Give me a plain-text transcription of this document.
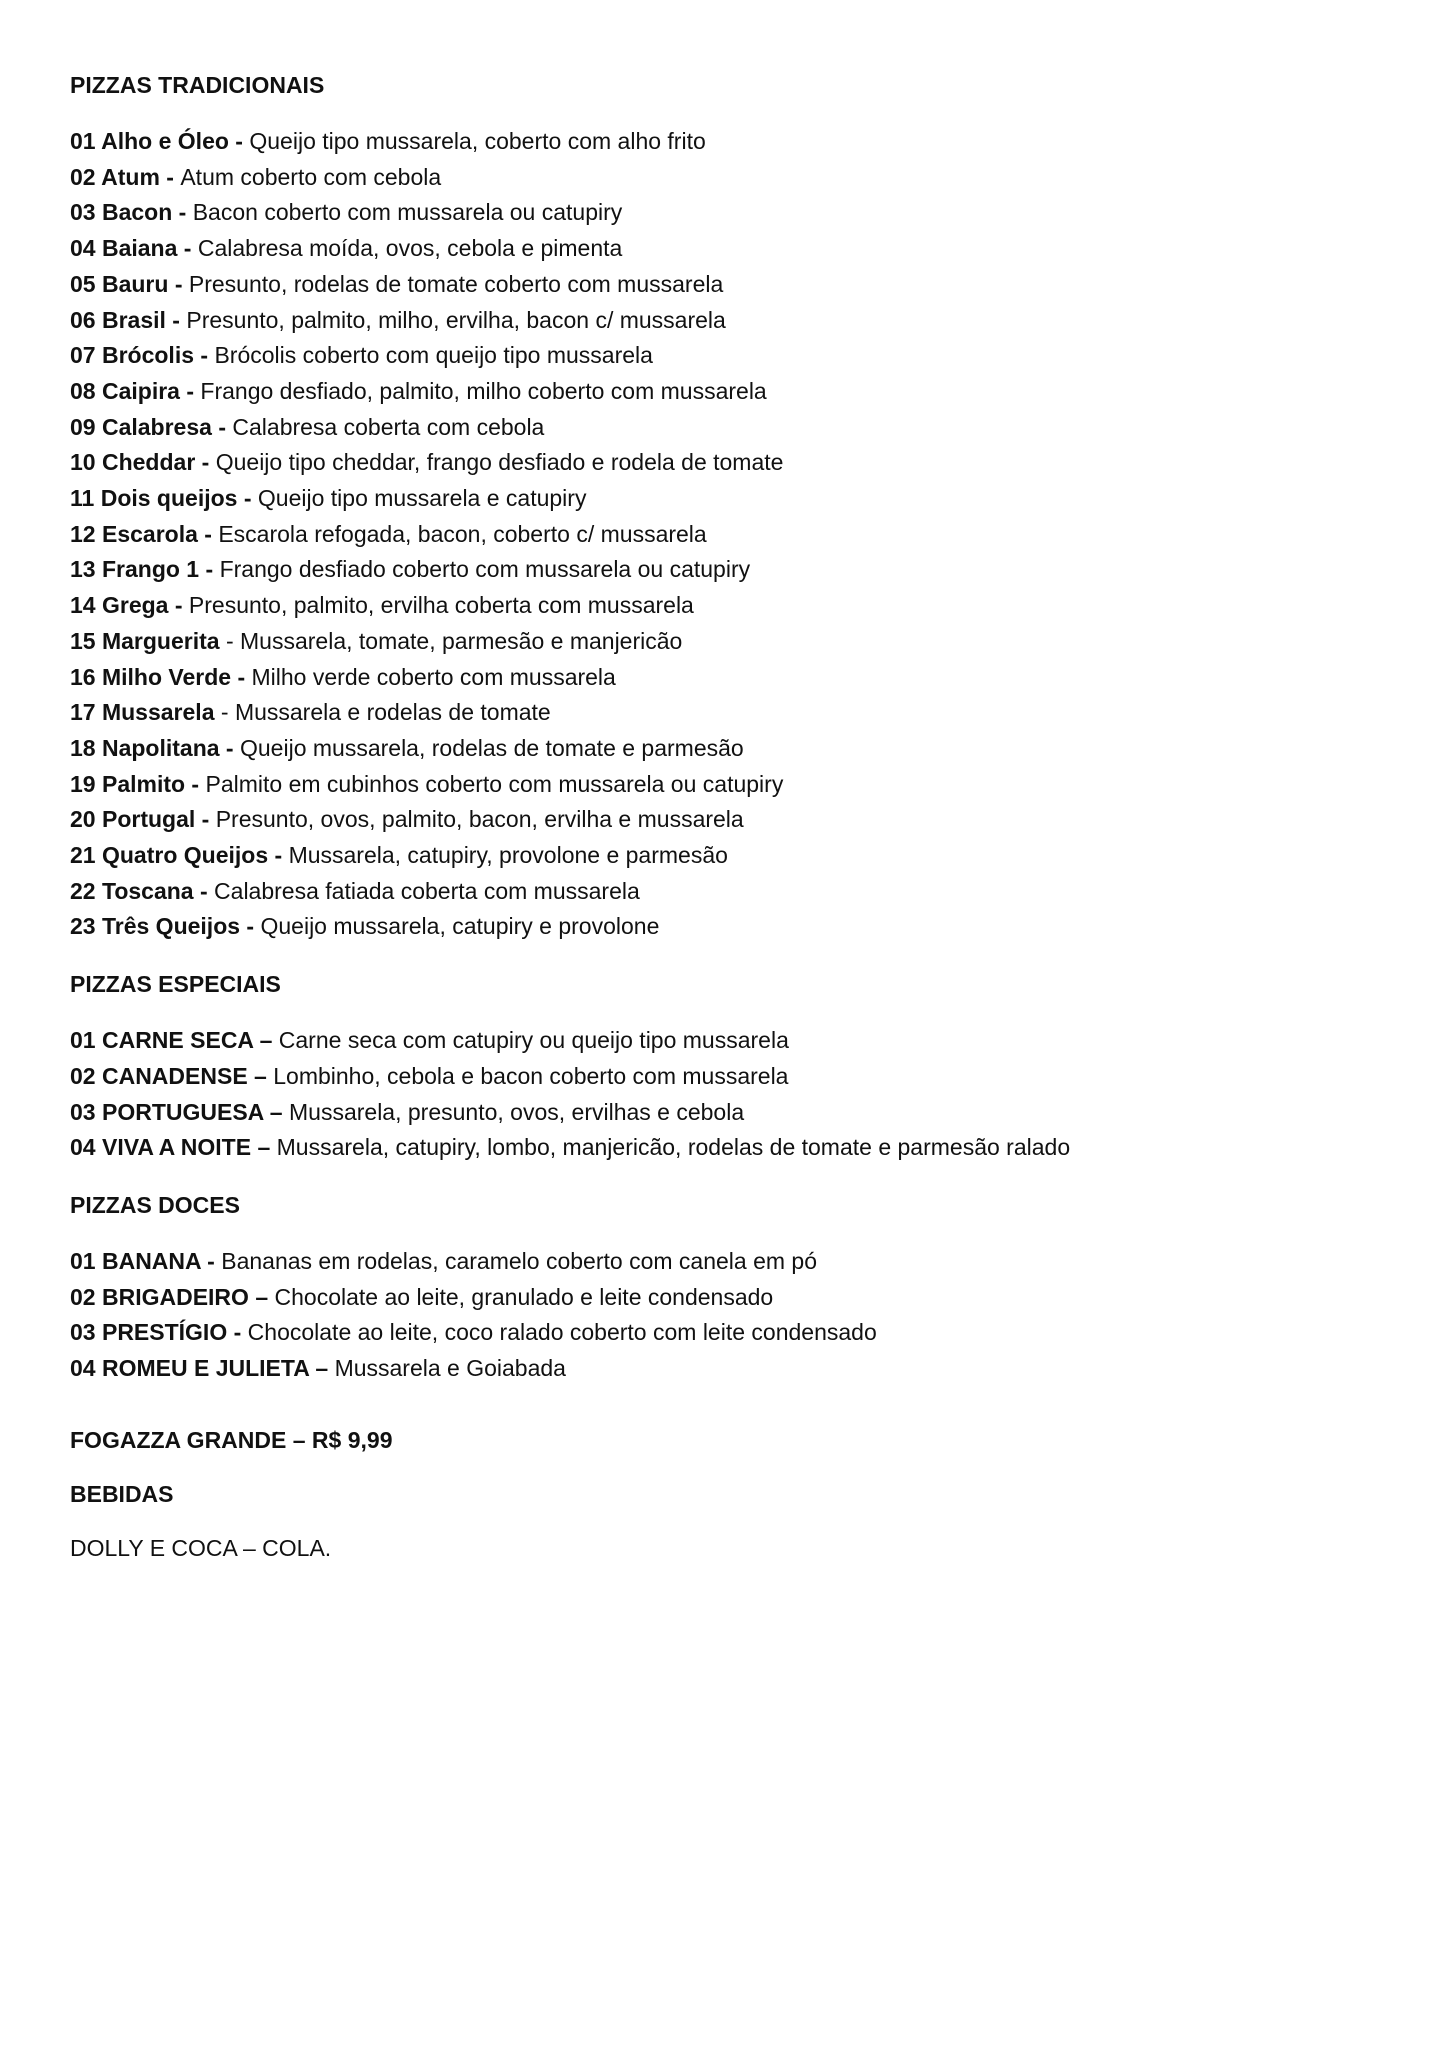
PIZZAS TRADICIONAIS
01 Alho e Óleo - Queijo tipo mussarela, coberto com alho frito
02 Atum - Atum coberto com cebola
03 Bacon - Bacon coberto com mussarela ou catupiry
04 Baiana - Calabresa moída, ovos, cebola e pimenta
05 Bauru - Presunto, rodelas de tomate coberto com mussarela
06 Brasil - Presunto, palmito, milho, ervilha, bacon c/ mussarela
07 Brócolis - Brócolis coberto com queijo tipo mussarela
08 Caipira - Frango desfiado, palmito, milho coberto com mussarela
09 Calabresa - Calabresa coberta com cebola
10 Cheddar - Queijo tipo cheddar, frango desfiado e rodela de tomate
11 Dois queijos - Queijo tipo mussarela e catupiry
12 Escarola - Escarola refogada, bacon, coberto c/ mussarela
13 Frango 1 - Frango desfiado coberto com mussarela ou catupiry
14 Grega - Presunto, palmito, ervilha coberta com mussarela
15 Marguerita - Mussarela, tomate, parmesão e manjericão
16 Milho Verde - Milho verde coberto com mussarela
17 Mussarela - Mussarela e rodelas de tomate
18 Napolitana - Queijo mussarela, rodelas de tomate e parmesão
19 Palmito - Palmito em cubinhos coberto com mussarela ou catupiry
20 Portugal - Presunto, ovos, palmito, bacon, ervilha e mussarela
21 Quatro Queijos - Mussarela, catupiry, provolone e parmesão
22 Toscana - Calabresa fatiada coberta com mussarela
23 Três Queijos - Queijo mussarela, catupiry e provolone
PIZZAS ESPECIAIS
01 CARNE SECA – Carne seca com catupiry ou queijo tipo mussarela
02 CANADENSE – Lombinho, cebola e bacon coberto com mussarela
03 PORTUGUESA – Mussarela, presunto, ovos, ervilhas e cebola
04 VIVA A NOITE – Mussarela, catupiry, lombo, manjericão, rodelas de tomate e parmesão ralado
PIZZAS DOCES
01 BANANA - Bananas em rodelas, caramelo coberto com canela em pó
02 BRIGADEIRO – Chocolate ao leite, granulado e leite condensado
03 PRESTÍGIO - Chocolate ao leite, coco ralado coberto com leite condensado
04 ROMEU E JULIETA – Mussarela e Goiabada
FOGAZZA GRANDE – R$ 9,99
BEBIDAS
DOLLY E COCA – COLA.
